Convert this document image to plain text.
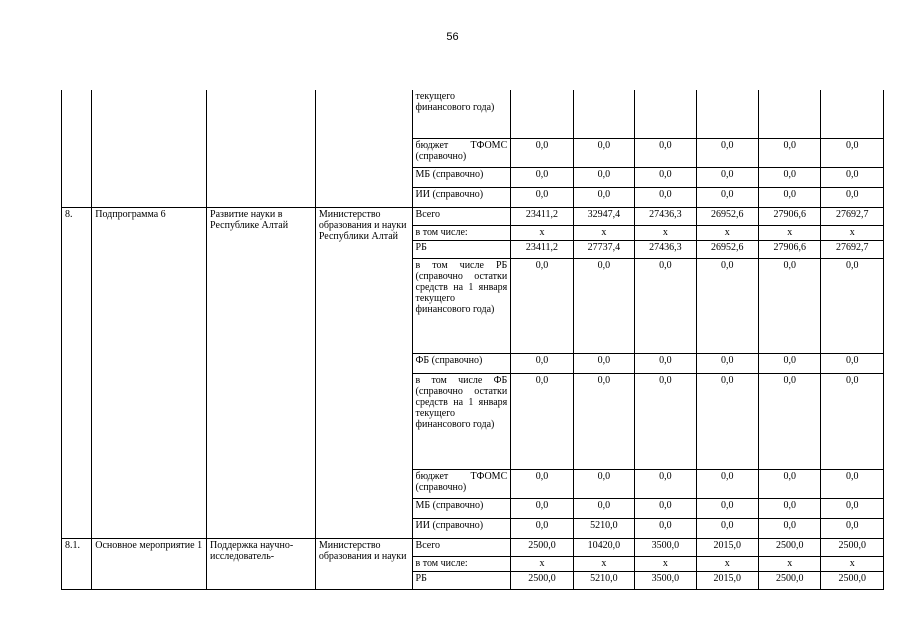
56
				текущего финансового года)						
				бюджет ТФОМС (справочно)	0,0	0,0	0,0	0,0	0,0	0,0
				МБ (справочно)	0,0	0,0	0,0	0,0	0,0	0,0
				ИИ (справочно)	0,0	0,0	0,0	0,0	0,0	0,0
8.	Подпрограмма 6	Развитие науки в Республике Алтай	Министерство образования и науки Республики Алтай	Всего	23411,2	32947,4	27436,3	26952,6	27906,6	27692,7
				в том числе:	х	х	х	х	х	х
				РБ	23411,2	27737,4	27436,3	26952,6	27906,6	27692,7
				в том числе РБ (справочно остатки средств на 1 января текущего финансового года)	0,0	0,0	0,0	0,0	0,0	0,0
				ФБ (справочно)	0,0	0,0	0,0	0,0	0,0	0,0
				в том числе ФБ (справочно остатки средств на 1 января текущего финансового года)	0,0	0,0	0,0	0,0	0,0	0,0
				бюджет ТФОМС (справочно)	0,0	0,0	0,0	0,0	0,0	0,0
				МБ (справочно)	0,0	0,0	0,0	0,0	0,0	0,0
				ИИ (справочно)	0,0	5210,0	0,0	0,0	0,0	0,0
8.1.	Основное мероприятие 1	Поддержка научно-исследователь-	Министерство образования и науки	Всего	2500,0	10420,0	3500,0	2015,0	2500,0	2500,0
				в том числе:	х	х	х	х	х	х
				РБ	2500,0	5210,0	3500,0	2015,0	2500,0	2500,0
